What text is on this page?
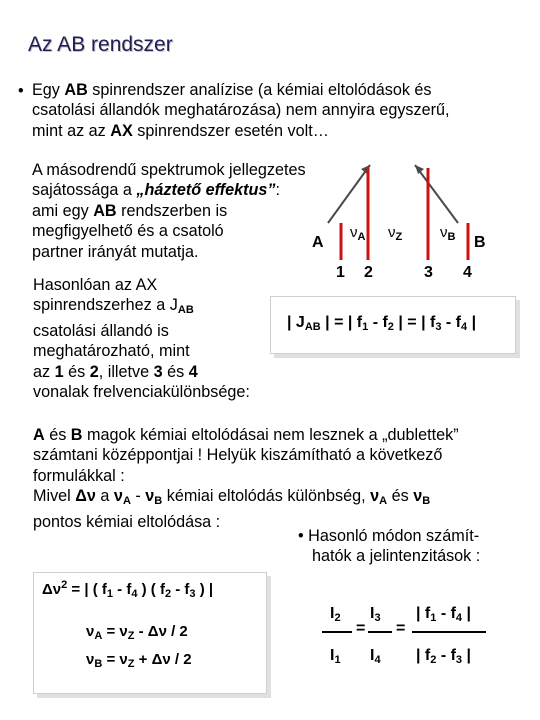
Az AB rendszer
• Egy AB spinrendszer analízise (a kémiai eltolódások és
csatolási állandók meghatározása) nem annyira egyszerű,
mint az az AX spinrendszer esetén volt…
A másodrendű spektrumok jellegzetes
sajátossága a „háztető effektus”:
ami egy AB rendszerben is
megfigyelhető és a csatoló
partner irányát mutatja.
A	B
$\nu_A$ $\nu_Z$	$\nu_B$
1 2	3 4
Hasonlóan az AX
spinrendszerhez a $J_{AB}$
csatolási állandó is
meghatározható, mint
az 1 és 2, illetve 3 és 4
vonalak frelvenciakülönbsége:
| $J_{AB}$ | = | $f_1 - f_2$ | = | $f_3 - f_4$ |
A és B magok kémiai eltolódásai nem lesznek a „dublettek”
számtani középpontjai ! Helyük kiszámítható a következő
formulákkal :
Mivel Δν a $\nu_A - \nu_B$ kémiai eltolódás különbség, $\nu_A$ és $\nu_B$
pontos kémiai eltolódása :
• Hasonló módon számít-
hatók a jelintenzitások :
$\Delta\nu^2$ = | ( $f_1 - f_4$ ) ( $f_2 - f_3$ ) |
$\nu_A = \nu_Z - \Delta\nu / 2$
$\nu_B = \nu_Z + \Delta\nu / 2$
$I_2$ $I_3$ | $f_1 - f_4$ |
= =
$I_1$ $I_4$ | $f_2 - f_3$ |
